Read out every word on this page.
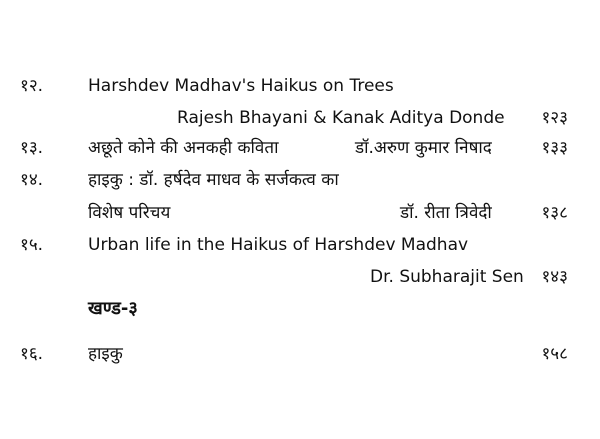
१२.	Harshdev Madhav's Haikus on Trees
Rajesh Bhayani & Kanak Aditya Donde १२३
१३.	अछूते कोने की अनकही कविता	डॉ.अरुण कुमार निषाद	१३३
१४.	हाइकु : डॉ. हर्षदेव माधव के सर्जकत्व का
विशेष परिचय	डॉ. रीता त्रिवेदी	१३८
१५.	Urban life in the Haikus of Harshdev Madhav
Dr. Subharajit Sen १४३
खण्ड-३
१६.	हाइकु	१५८
